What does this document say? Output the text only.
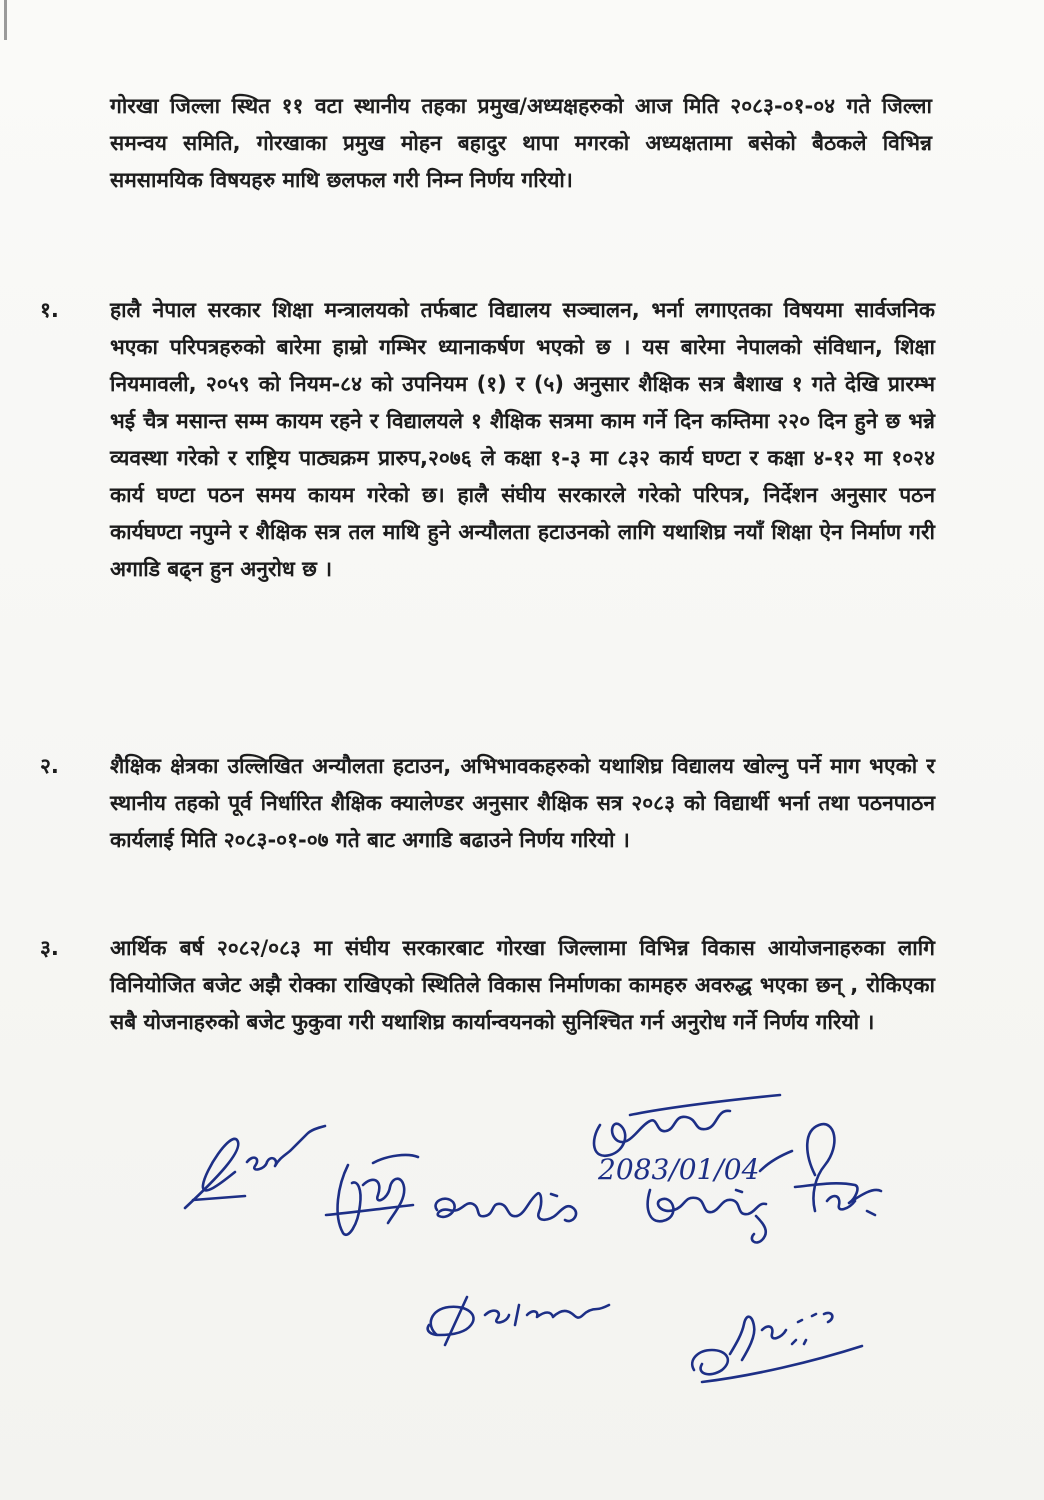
गोरखा जिल्ला स्थित ११ वटा स्थानीय तहका प्रमुख/अध्यक्षहरुको आज मिति २०८३-०१-०४ गते जिल्ला समन्वय समिति, गोरखाका प्रमुख मोहन बहादुर थापा मगरको अध्यक्षतामा बसेको बैठकले विभिन्न समसामयिक विषयहरु माथि छलफल गरी निम्न निर्णय गरियो।
१.	हालै नेपाल सरकार शिक्षा मन्त्रालयको तर्फबाट विद्यालय सञ्चालन, भर्ना लगाएतका विषयमा सार्वजनिक भएका परिपत्रहरुको बारेमा हाम्रो गम्भिर ध्यानाकर्षण भएको छ । यस बारेमा नेपालको संविधान, शिक्षा नियमावली, २०५९ को नियम-८४ को उपनियम (१) र (५) अनुसार शैक्षिक सत्र बैशाख १ गते देखि प्रारम्भ भई चैत्र मसान्त सम्म कायम रहने र विद्यालयले १ शैक्षिक सत्रमा काम गर्ने दिन कम्तिमा २२० दिन हुने छ भन्ने व्यवस्था गरेको र राष्ट्रिय पाठ्यक्रम प्रारुप,२०७६ ले कक्षा १-३ मा ८३२ कार्य घण्टा र कक्षा ४-१२ मा १०२४ कार्य घण्टा पठन समय कायम गरेको छ। हालै संघीय सरकारले गरेको परिपत्र, निर्देशन अनुसार पठन कार्यघण्टा नपुग्ने र शैक्षिक सत्र तल माथि हुने अन्यौलता हटाउनको लागि यथाशिघ्र नयाँ शिक्षा ऐन निर्माण गरी अगाडि बढ्न हुन अनुरोध छ ।
२.	शैक्षिक क्षेत्रका उल्लिखित अन्यौलता हटाउन, अभिभावकहरुको यथाशिघ्र विद्यालय खोल्नु पर्ने माग भएको र स्थानीय तहको पूर्व निर्धारित शैक्षिक क्यालेण्डर अनुसार शैक्षिक सत्र २०८३ को विद्यार्थी भर्ना तथा पठनपाठन कार्यलाई मिति २०८३-०१-०७ गते बाट अगाडि बढाउने निर्णय गरियो ।
३.	आर्थिक बर्ष २०८२/०८३ मा संघीय सरकारबाट गोरखा जिल्लामा विभिन्न विकास आयोजनाहरुका लागि विनियोजित बजेट अझै रोक्का राखिएको स्थितिले विकास निर्माणका कामहरु अवरुद्ध भएका छन् , रोकिएका सबै योजनाहरुको बजेट फुकुवा गरी यथाशिघ्र कार्यान्वयनको सुनिश्चित गर्न अनुरोध गर्ने निर्णय गरियो ।
2083/01/04
